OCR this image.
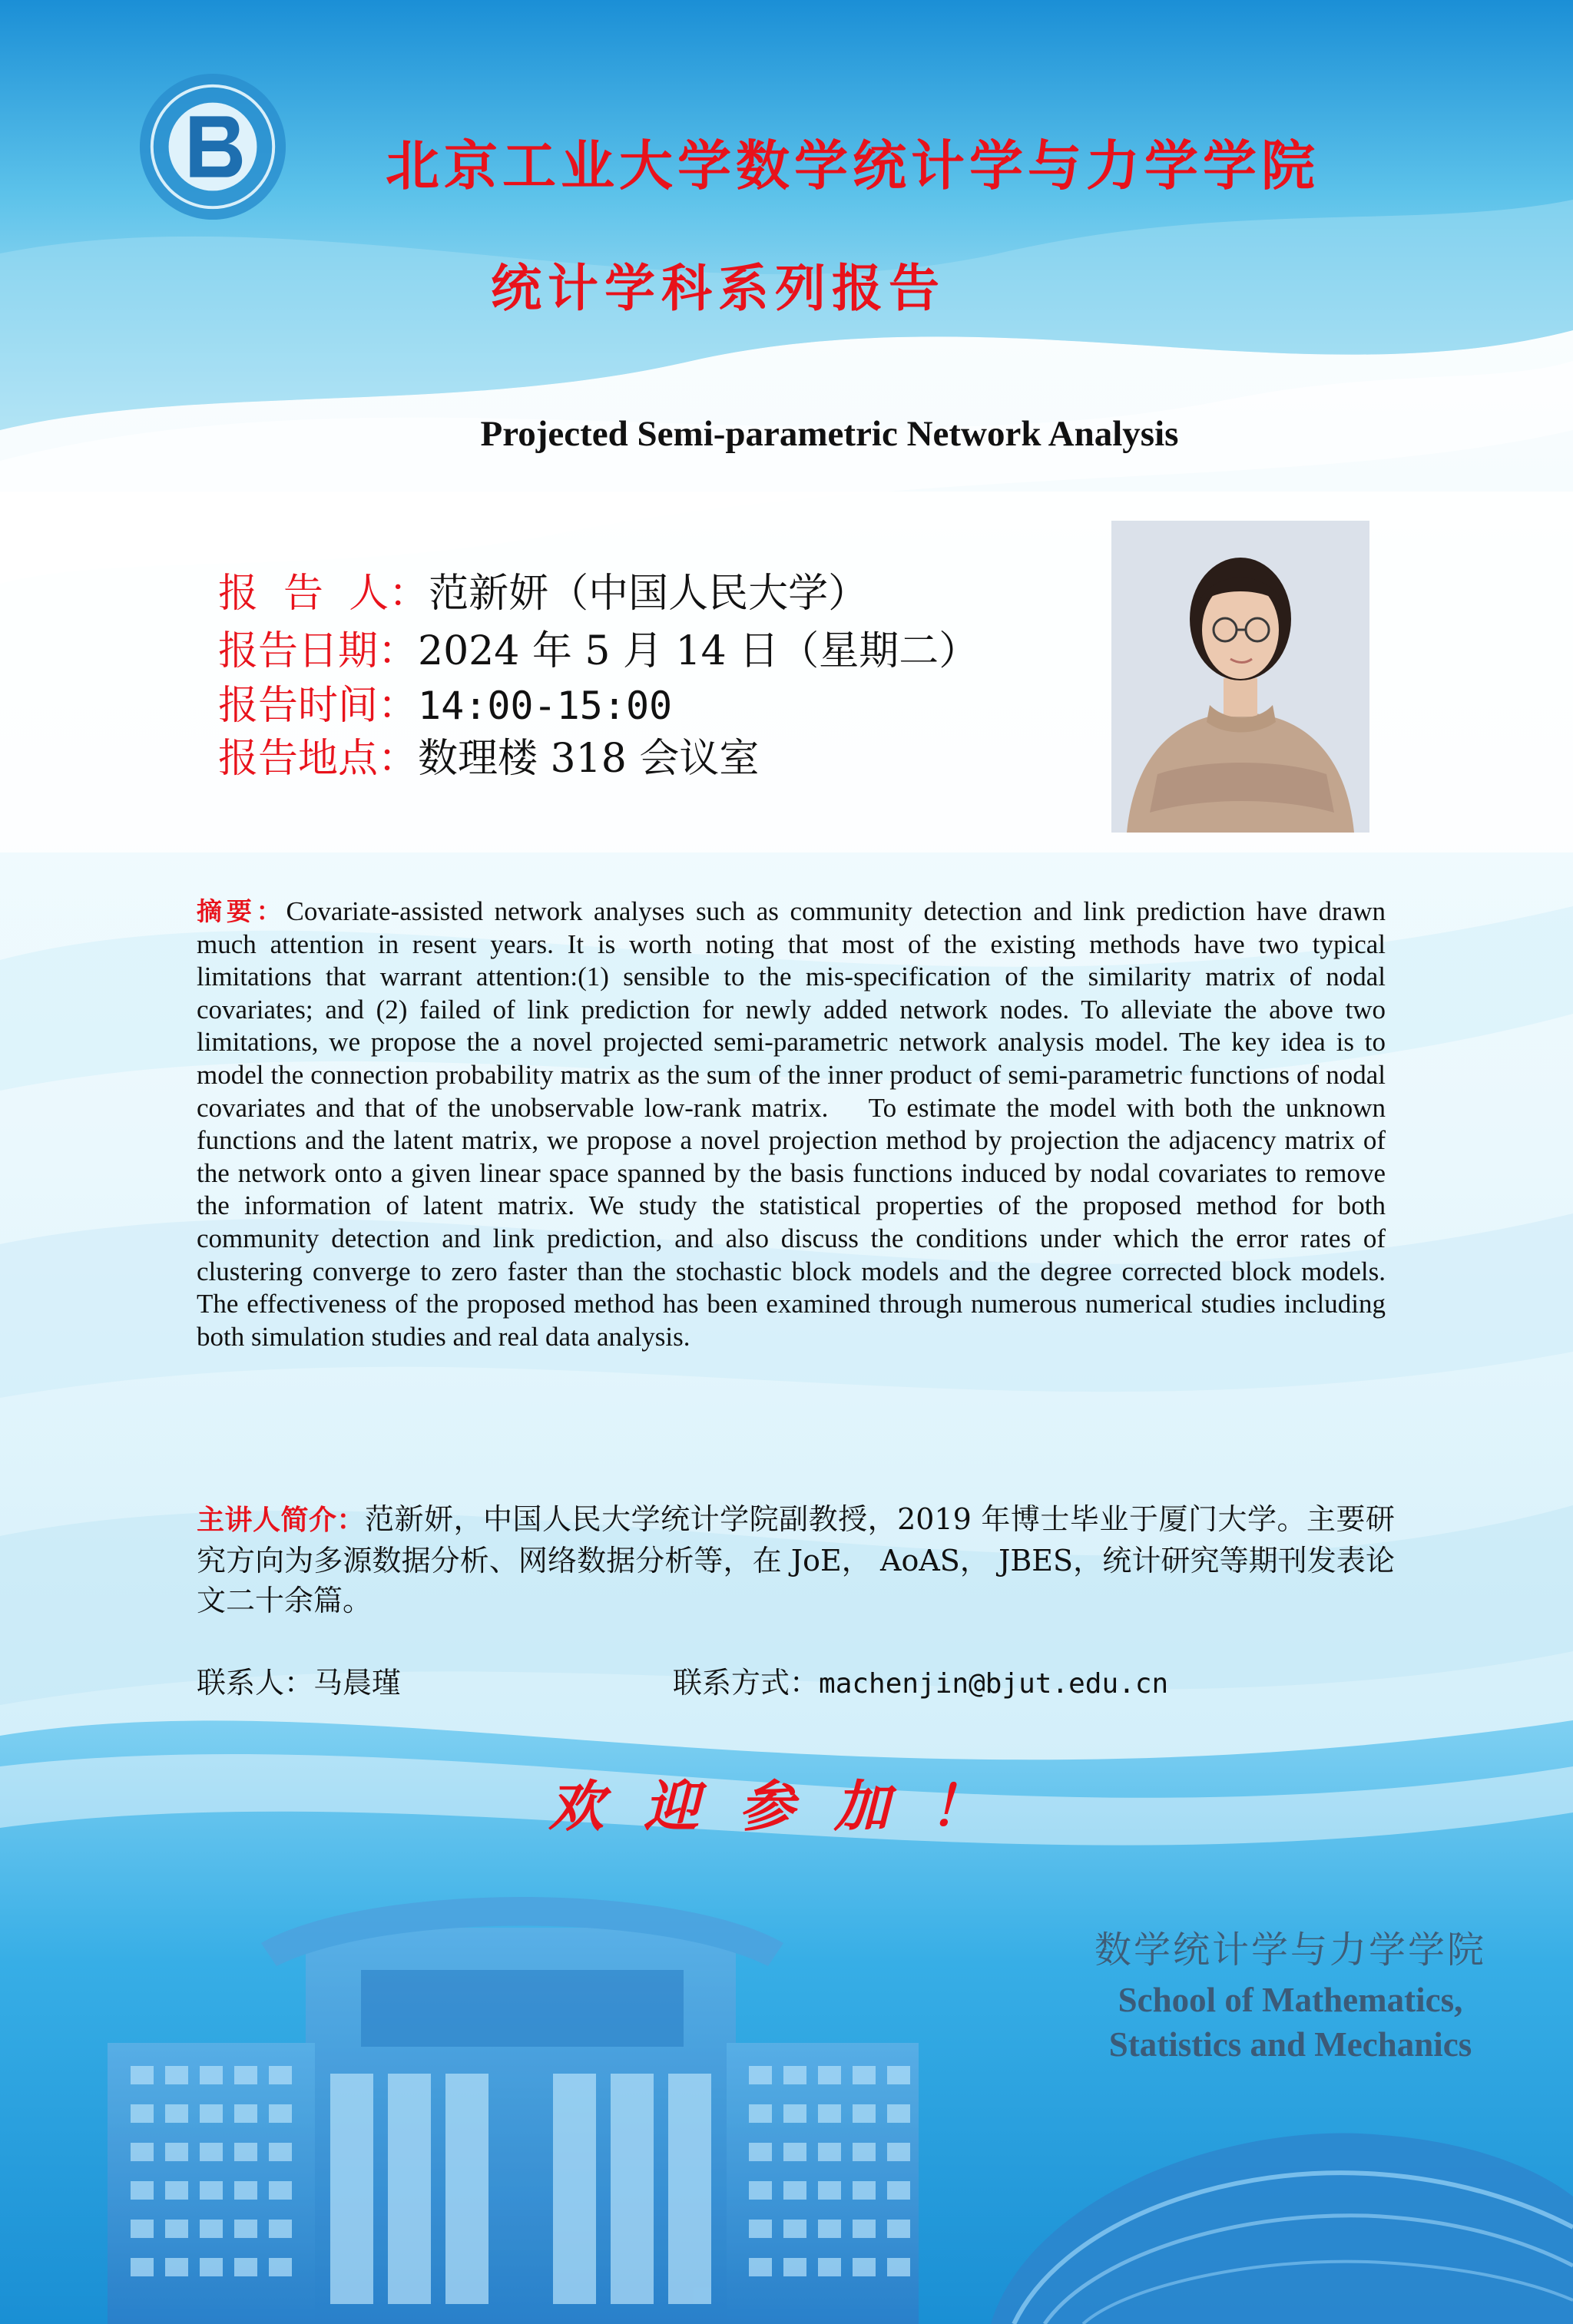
北京工业大学数学统计学与力学学院
统计学科系列报告
Projected Semi-parametric Network Analysis
报  告  人：范新妍（中国人民大学）
报告日期：2024 年 5 月 14 日（星期二）
报告时间：14:00-15:00
报告地点：数理楼 318 会议室
摘要：Covariate-assisted network analyses such as community detection and link prediction have drawn much attention in resent years. It is worth noting that most of the existing methods have two typical limitations that warrant attention:(1) sensible to the mis-specification of the similarity matrix of nodal covariates; and (2) failed of link prediction for newly added network nodes. To alleviate the above two limitations, we propose the a novel projected semi-parametric network analysis model. The key idea is to model the connection probability matrix as the sum of the inner product of semi-parametric functions of nodal covariates and that of the unobservable low-rank matrix.    To estimate the model with both the unknown functions and the latent matrix, we propose a novel projection method by projection the adjacency matrix of the network onto a given linear space spanned by the basis functions induced by nodal covariates to remove the information of latent matrix. We study the statistical properties of the proposed method for both community detection and link prediction, and also discuss the conditions under which the error rates of clustering converge to zero faster than the stochastic block models and the degree corrected block models. The effectiveness of the proposed method has been examined through numerous numerical studies including both simulation studies and real data analysis.
主讲人简介：范新妍，中国人民大学统计学院副教授，2019 年博士毕业于厦门大学。主要研究方向为多源数据分析、网络数据分析等，在 JoE， AoAS， JBES，统计研究等期刊发表论文二十余篇。
联系人：马晨瑾	联系方式：machenjin@bjut.edu.cn
欢迎参加！
数学统计学与力学学院
School of Mathematics,
Statistics and Mechanics
